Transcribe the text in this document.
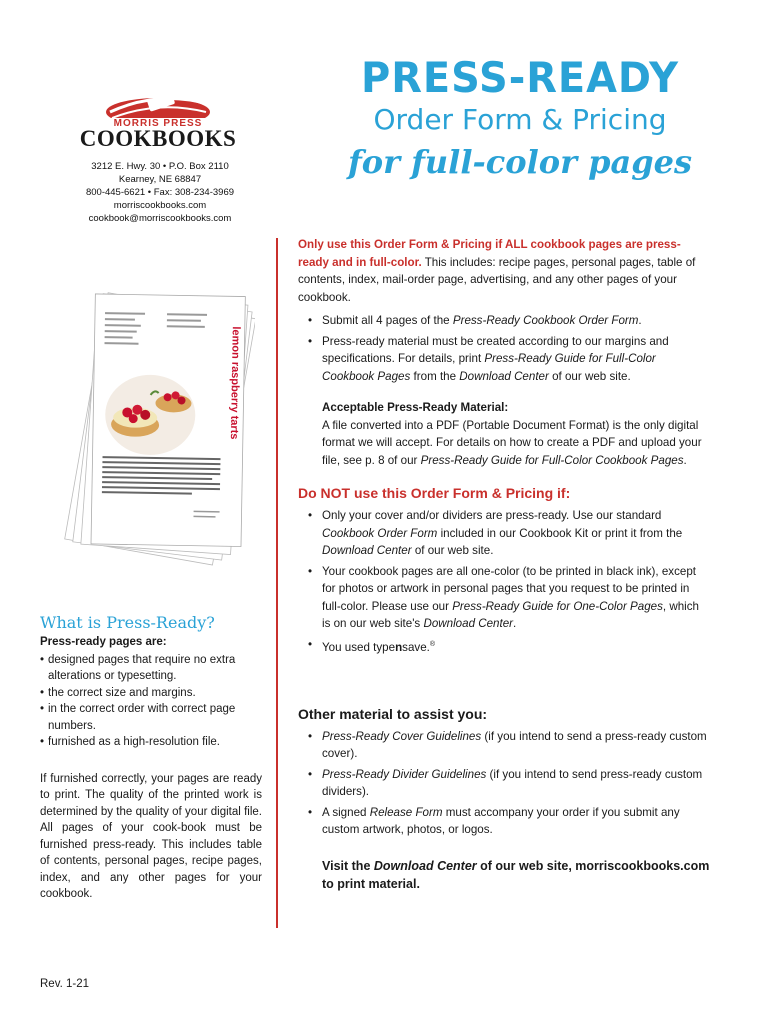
MORRIS PRESS
COOKBOOKS
3212 E. Hwy. 30 • P.O. Box 2110
Kearney, NE 68847
800-445-6621 • Fax: 308-234-3969
morriscookbooks.com
cookbook@morriscookbooks.com
PRESS-READY
Order Form & Pricing
for full-color pages
lemon raspberry tarts
What is Press-Ready?
Press-ready pages are:
• designed pages that require no extra alterations or typesetting.
• the correct size and margins.
• in the correct order with correct page numbers.
• furnished as a high-resolution file.

If furnished correctly, your pages are ready to print. The quality of the printed work is determined by the quality of your digital file. All pages of your cook-book must be furnished press-ready. This includes table of contents, personal pages, recipe pages, index, and any other pages for your cookbook.

Rev. 1-21

Only use this Order Form & Pricing if ALL cookbook pages are press-ready and in full-color. This includes: recipe pages, personal pages, table of contents, index, mail-order page, advertising, and any other pages of your cookbook.

• Submit all 4 pages of the Press-Ready Cookbook Order Form.
• Press-ready material must be created according to our margins and specifications. For details, print Press-Ready Guide for Full-Color Cookbook Pages from the Download Center of our web site.
Acceptable Press-Ready Material:

A file converted into a PDF (Portable Document Format) is the only digital format we will accept. For details on how to create a PDF and upload your file, see p. 8 of our Press-Ready Guide for Full-Color Cookbook Pages.

Do NOT use this Order Form & Pricing if:
• Only your cover and/or dividers are press-ready. Use our standard Cookbook Order Form included in our Cookbook Kit or print it from the Download Center of our web site.
• Your cookbook pages are all one-color (to be printed in black ink), except for photos or artwork in personal pages that you request to be printed in full-color. Please use our Press-Ready Guide for One-Color Pages, which is on our web site's Download Center.
• You used typensave.®
Other material to assist you:
• Press-Ready Cover Guidelines (if you intend to send a press-ready custom cover).
• Press-Ready Divider Guidelines (if you intend to send press-ready custom dividers).
• A signed Release Form must accompany your order if you submit any custom artwork, photos, or logos.

Visit the Download Center of our web site, morriscookbooks.com to print material.
